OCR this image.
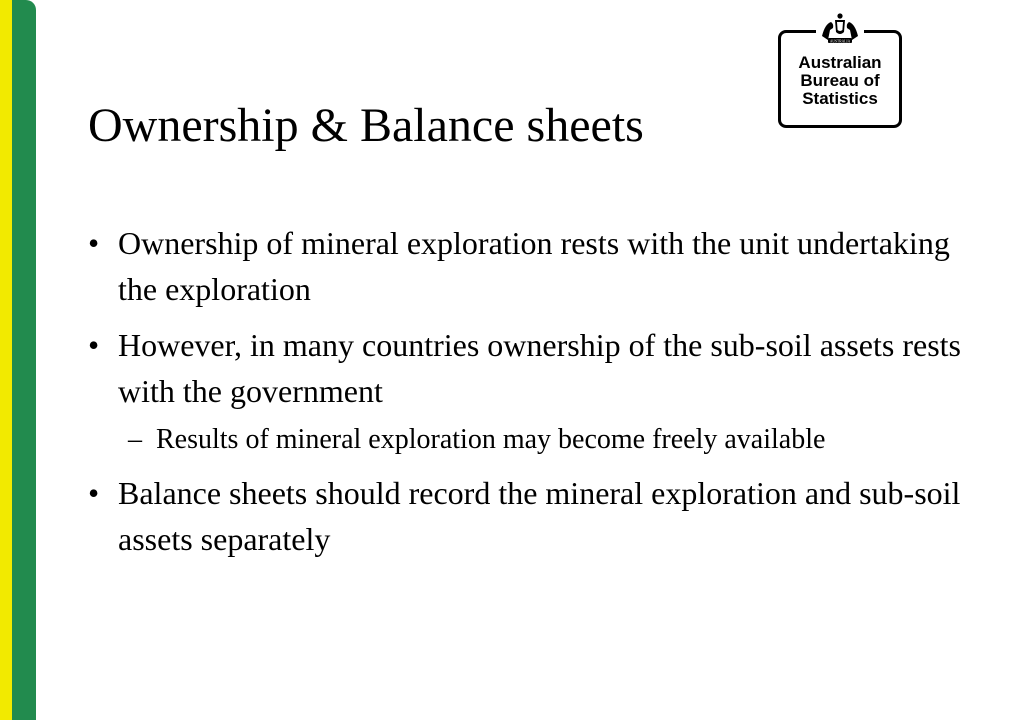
Ownership & Balance sheets
AUSTRALIA
Australian
Bureau of
Statistics
• Ownership of mineral exploration rests with the unit undertaking the exploration
• However, in many countries ownership of the sub-soil assets rests with the government
– Results of mineral exploration may become freely available
• Balance sheets should record the mineral exploration and sub-soil assets separately
